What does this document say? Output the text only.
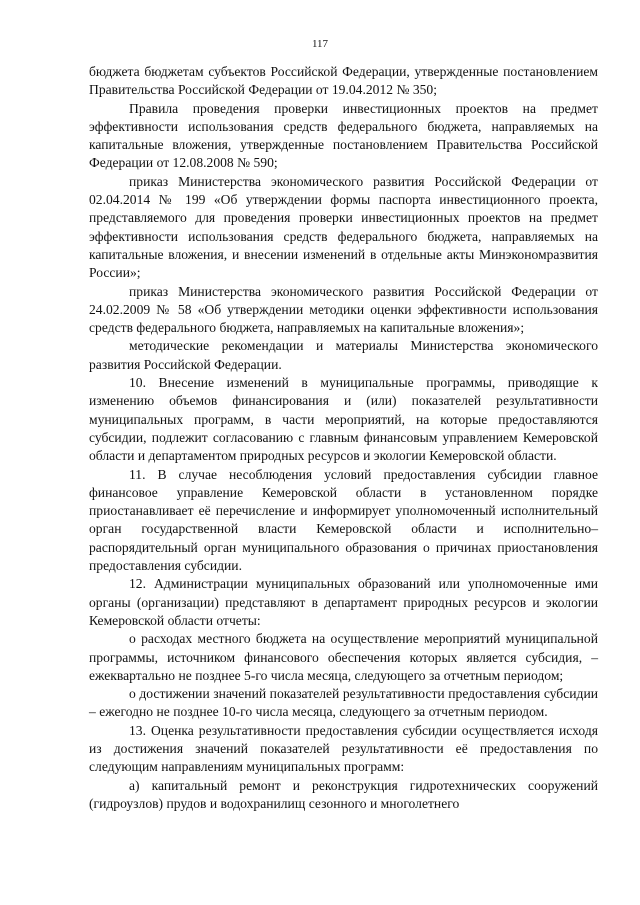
117

бюджета бюджетам субъектов Российской Федерации, утвержденные постановлением Правительства Российской Федерации от 19.04.2012 № 350;

Правила проведения проверки инвестиционных проектов на предмет эффективности использования средств федерального бюджета, направляемых на капитальные вложения, утвержденные постановлением Правительства Российской Федерации от 12.08.2008 № 590;

приказ Министерства экономического развития Российской Федерации от 02.04.2014 № 199 «Об утверждении формы паспорта инвестиционного проекта, представляемого для проведения проверки инвестиционных проектов на предмет эффективности использования средств федерального бюджета, направляемых на капитальные вложения, и внесении изменений в отдельные акты Минэкономразвития России»;

приказ Министерства экономического развития Российской Федерации от 24.02.2009 № 58 «Об утверждении методики оценки эффективности использования средств федерального бюджета, направляемых на капитальные вложения»;

методические рекомендации и материалы Министерства экономического развития Российской Федерации.

10. Внесение изменений в муниципальные программы, приводящие к изменению объемов финансирования и (или) показателей результативности муниципальных программ, в части мероприятий, на которые предоставляются субсидии, подлежит согласованию с главным финансовым управлением Кемеровской области и департаментом природных ресурсов и экологии Кемеровской области.

11. В случае несоблюдения условий предоставления субсидии главное финансовое управление Кемеровской области в установленном порядке приостанавливает её перечисление и информирует уполномоченный исполнительный орган государственной власти Кемеровской области и исполнительно–распорядительный орган муниципального образования о причинах приостановления предоставления субсидии.

12. Администрации муниципальных образований или уполномоченные ими органы (организации) представляют в департамент природных ресурсов и экологии Кемеровской области отчеты:

о расходах местного бюджета на осуществление мероприятий муниципальной программы, источником финансового обеспечения которых является субсидия, – ежеквартально не позднее 5-го числа месяца, следующего за отчетным периодом;

о достижении значений показателей результативности предоставления субсидии – ежегодно не позднее 10-го числа месяца, следующего за отчетным периодом.

13. Оценка результативности предоставления субсидии осуществляется исходя из достижения значений показателей результативности её предоставления по следующим направлениям муниципальных программ:

а) капитальный ремонт и реконструкция гидротехнических сооружений (гидроузлов) прудов и водохранилищ сезонного и многолетнего
